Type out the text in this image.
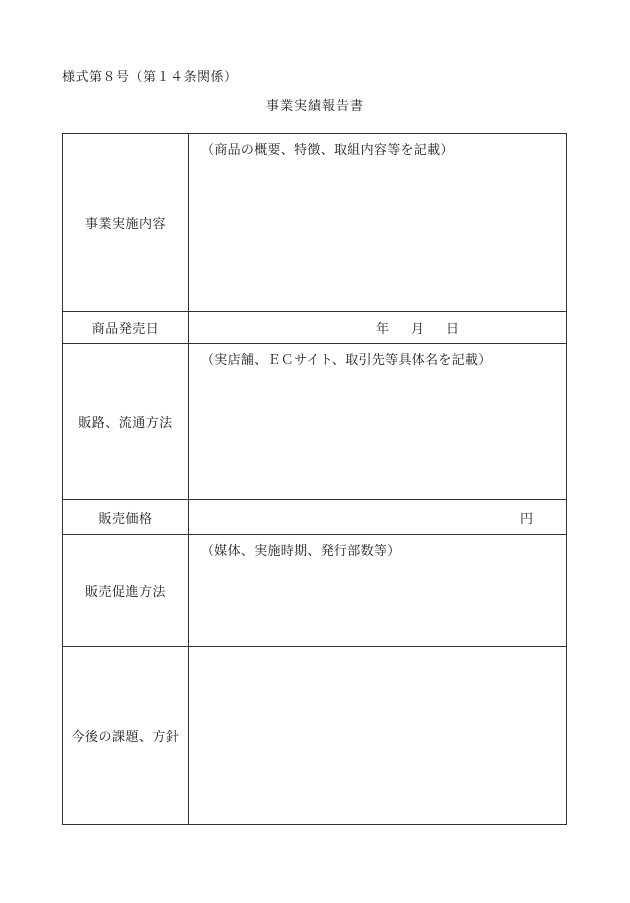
様式第８号（第１４条関係）
事業実績報告書
事業実施内容	（商品の概要、特徴、取組内容等を記載）
商品発売日	年 月 日
販路、流通方法	（実店舗、ＥＣサイト、取引先等具体名を記載）
販売価格	円
販売促進方法	（媒体、実施時期、発行部数等）
今後の課題、方針	
